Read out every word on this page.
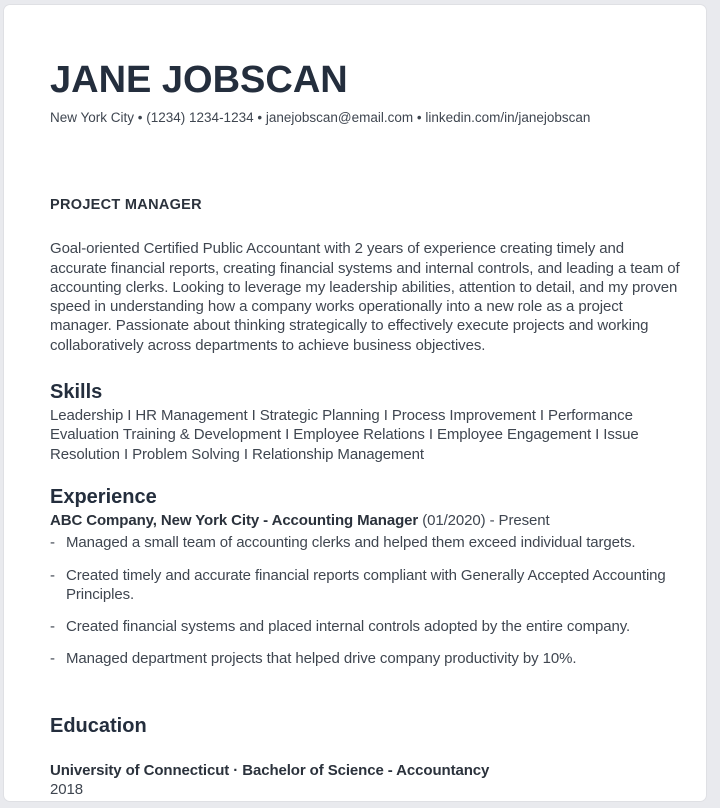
JANE JOBSCAN
New York City • (1234) 1234-1234 • janejobscan@email.com • linkedin.com/in/janejobscan
PROJECT MANAGER

Goal-oriented Certified Public Accountant with 2 years of experience creating timely and accurate financial reports, creating financial systems and internal controls, and leading a team of accounting clerks. Looking to leverage my leadership abilities, attention to detail, and my proven speed in understanding how a company works operationally into a new role as a project manager. Passionate about thinking strategically to effectively execute projects and working collaboratively across departments to achieve business objectives.

Skills

Leadership I HR Management I Strategic Planning I Process Improvement I Performance Evaluation Training & Development I Employee Relations I Employee Engagement I Issue Resolution I Problem Solving I Relationship Management

Experience
ABC Company, New York City - Accounting Manager (01/2020) - Present
- Managed a small team of accounting clerks and helped them exceed individual targets.
- Created timely and accurate financial reports compliant with Generally Accepted Accounting Principles.
- Created financial systems and placed internal controls adopted by the entire company.
- Managed department projects that helped drive company productivity by 10%.
Education
University of Connecticut · Bachelor of Science - Accountancy
2018
